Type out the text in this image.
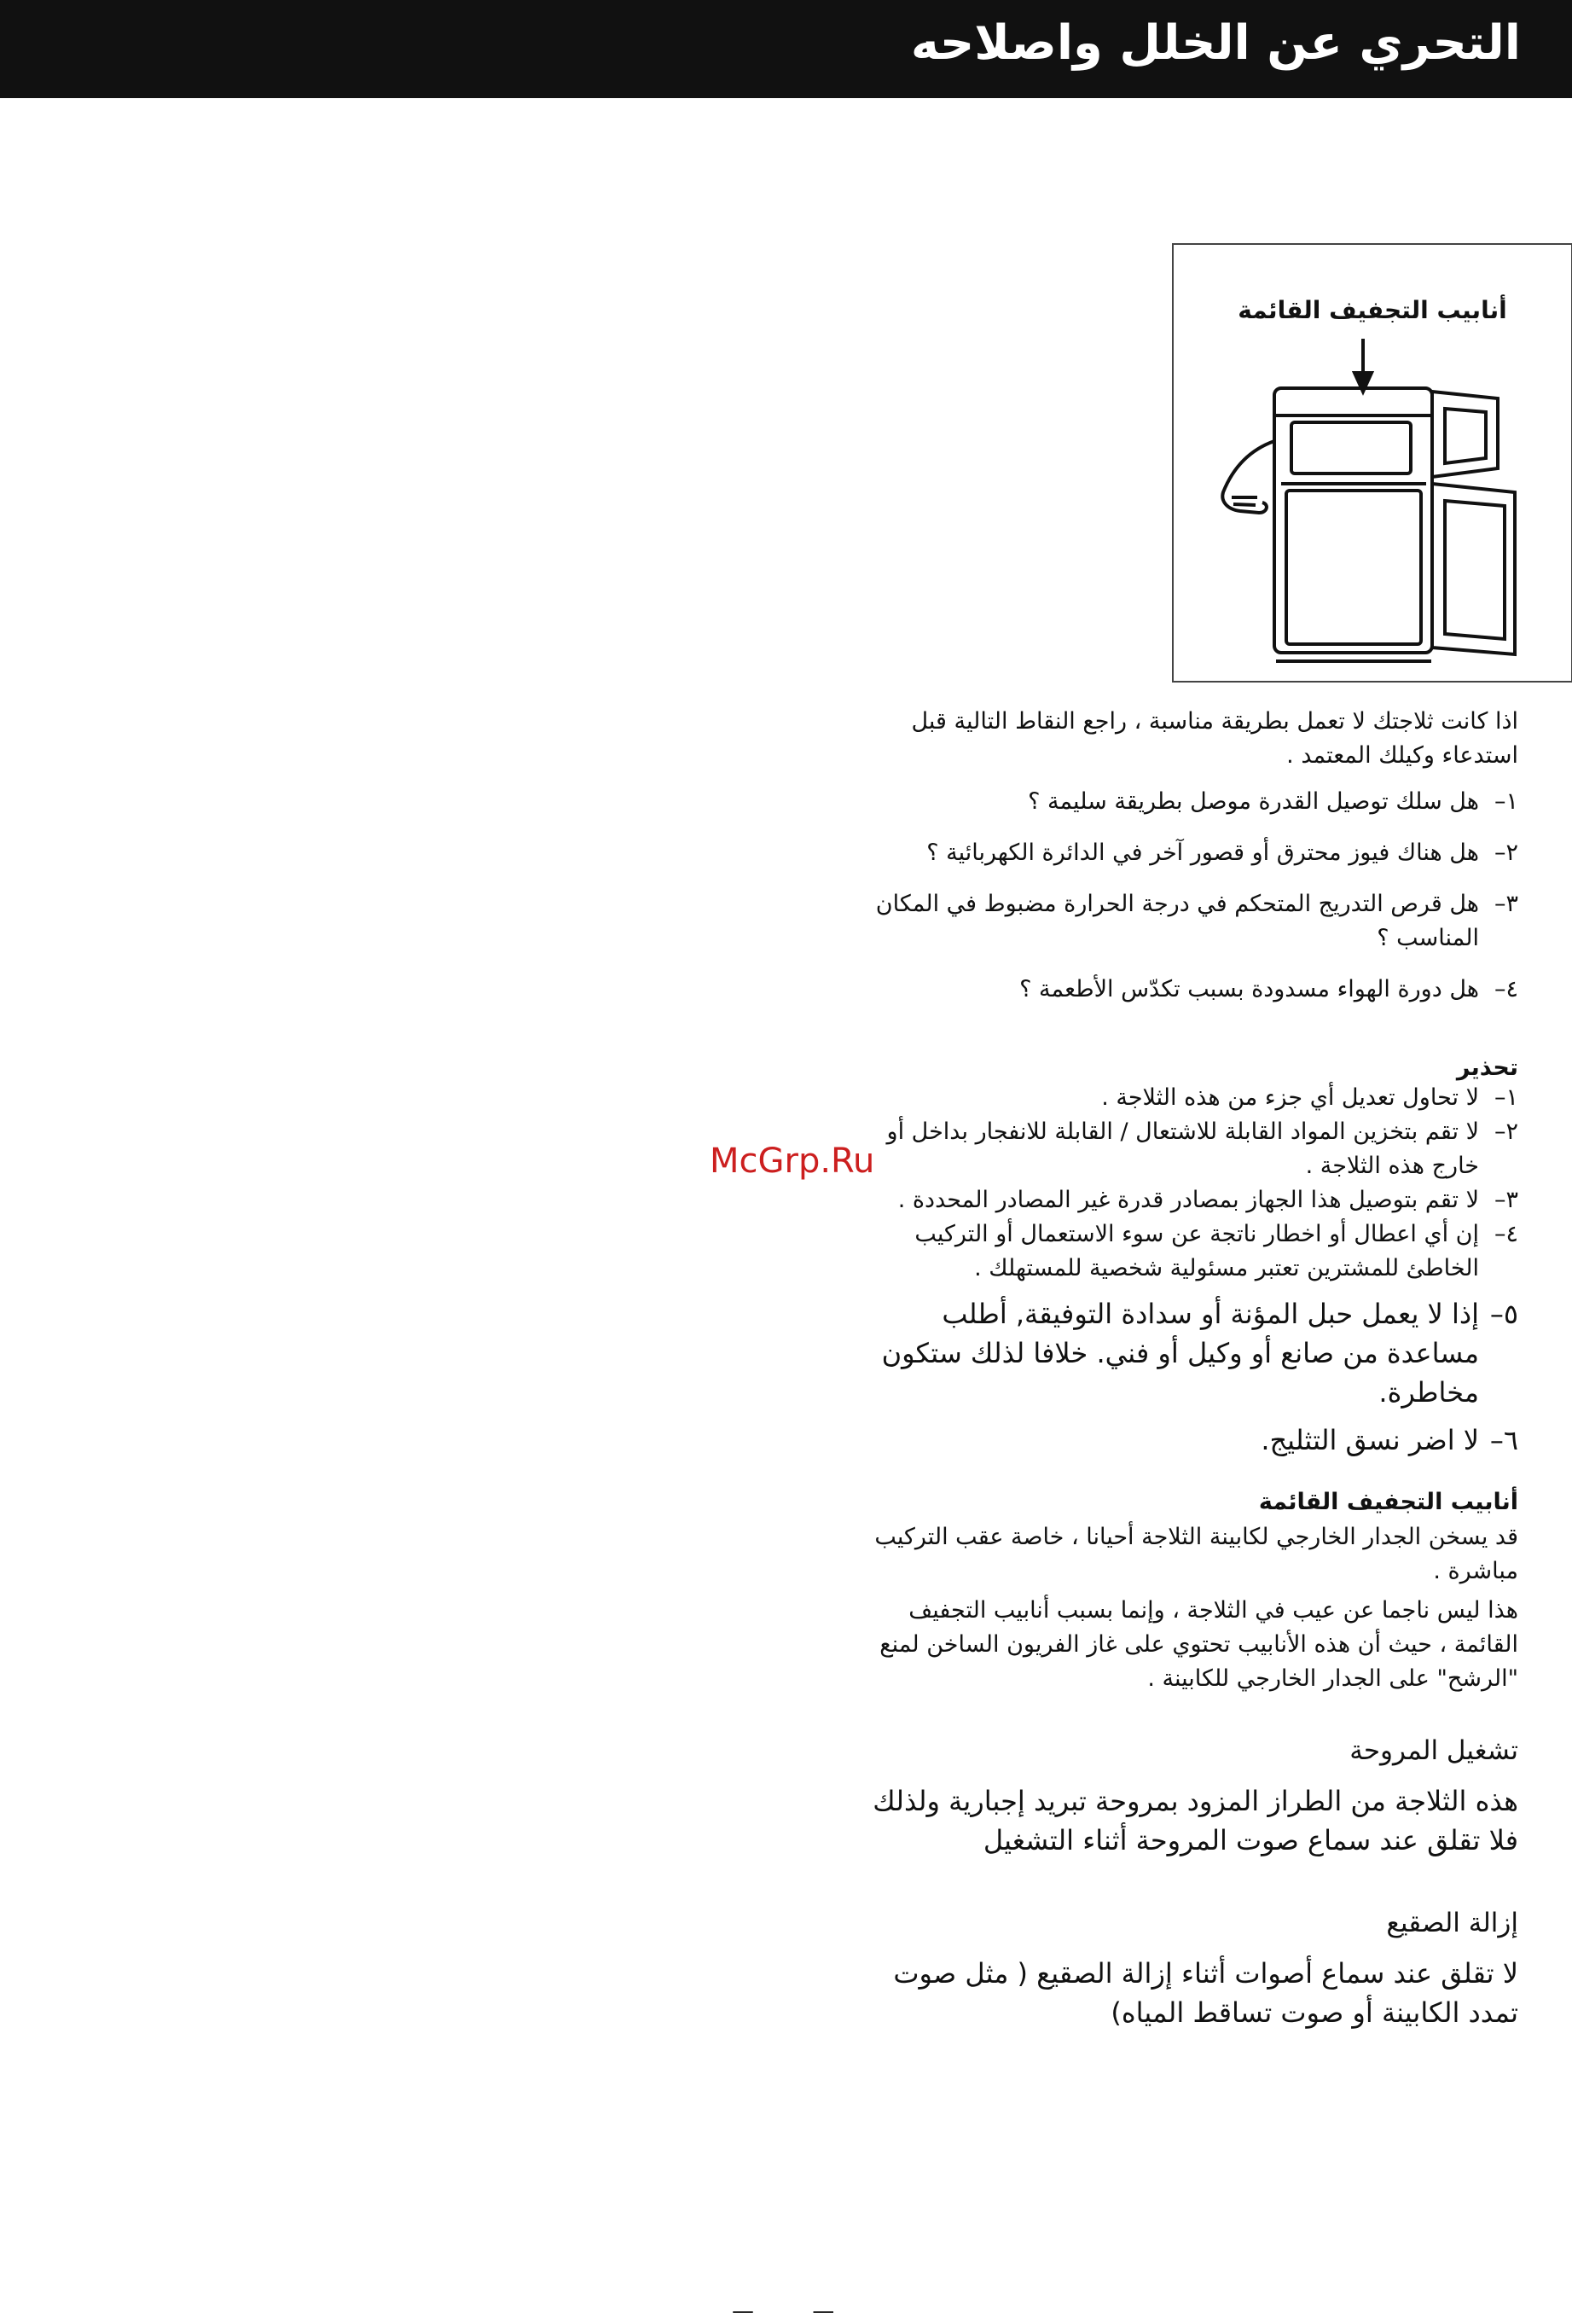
التحري عن الخلل واصلاحه
أنابيب التجفيف القائمة

اذا كانت ثلاجتك لا تعمل بطريقة مناسبة ، راجع النقاط التالية قبل استدعاء وكيلك المعتمد .

١–

هل سلك توصيل القدرة موصل بطريقة سليمة ؟

٢–

هل هناك فيوز محترق أو قصور آخر في الدائرة الكهربائية ؟

٣–

هل قرص التدريج المتحكم في درجة الحرارة مضبوط في المكان المناسب ؟

٤–

هل دورة الهواء مسدودة بسبب تكدّس الأطعمة ؟

تحذير

١–

لا تحاول تعديل أي جزء من هذه الثلاجة .

٢–

لا تقم بتخزين المواد القابلة للاشتعال / القابلة للانفجار بداخل أو خارج هذه الثلاجة .

٣–

لا تقم بتوصيل هذا الجهاز بمصادر قدرة غير المصادر المحددة .

٤–

إن أي اعطال أو اخطار ناتجة عن سوء الاستعمال أو التركيب الخاطئ للمشترين تعتبر مسئولية شخصية للمستهلك .

٥–

إذا لا يعمل حبل المؤنة أو سدادة التوفيقة, أطلب مساعدة من صانع أو وكيل أو فني. خلافا لذلك ستكون مخاطرة.

٦–

لا اضر نسق التثليج.

أنابيب التجفيف القائمة

قد يسخن الجدار الخارجي لكابينة الثلاجة أحيانا ، خاصة عقب التركيب مباشرة .

هذا ليس ناجما عن عيب في الثلاجة ، وإنما بسبب أنابيب التجفيف القائمة ، حيث أن هذه الأنابيب تحتوي على غاز الفريون الساخن لمنع "الرشح" على الجدار الخارجي للكابينة .

تشغيل المروحة

هذه الثلاجة من الطراز المزود بمروحة تبريد إجبارية ولذلك فلا تقلق عند سماع صوت المروحة أثناء التشغيل

إزالة الصقيع

لا تقلق عند سماع أصوات أثناء إزالة الصقيع ( مثل صوت تمدد الكابينة أو صوت تساقط المياه)

McGrp.Ru
— —
